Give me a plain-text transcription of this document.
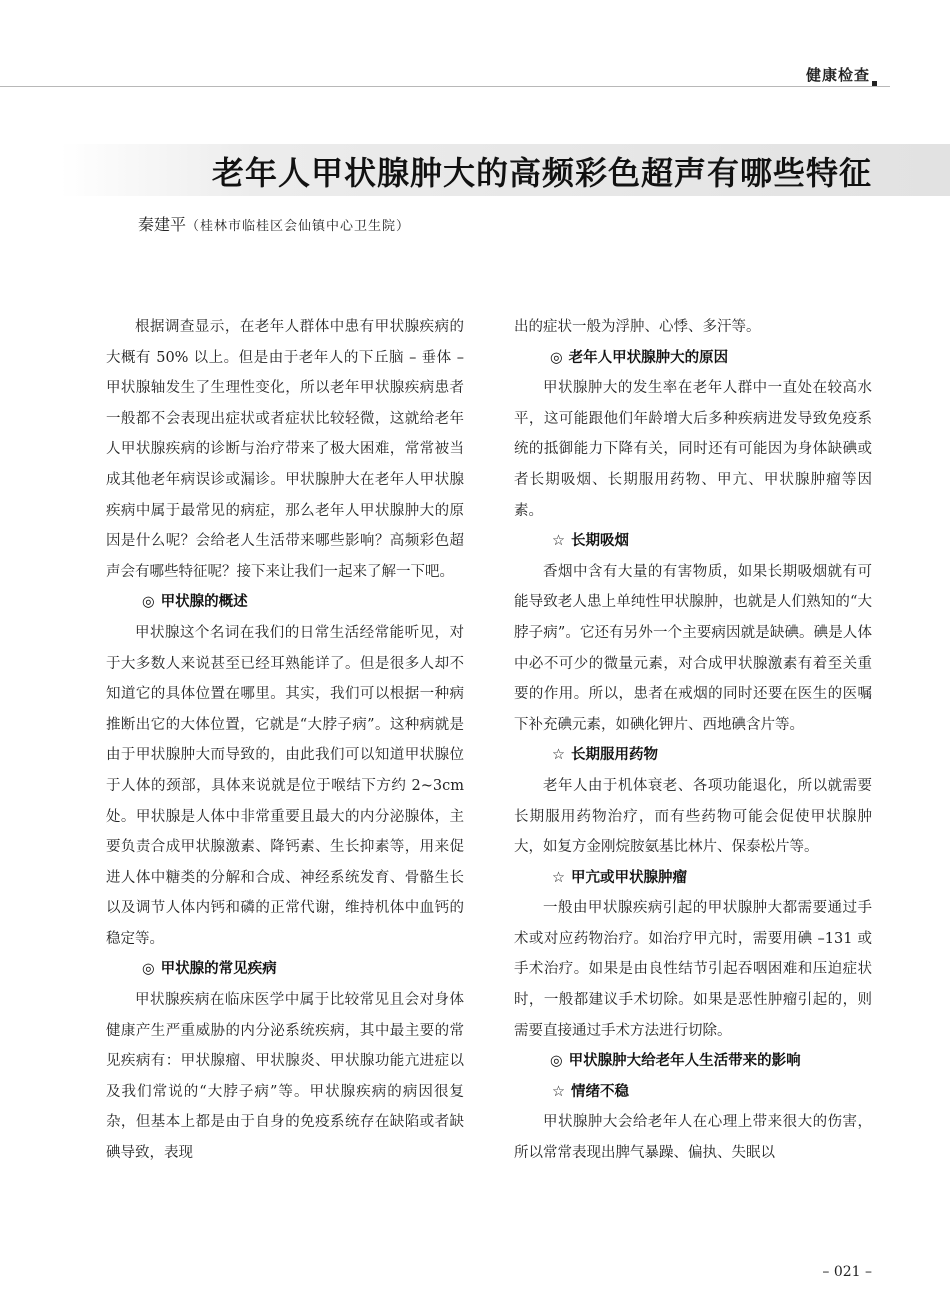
健康检查
老年人甲状腺肿大的高频彩色超声有哪些特征
秦建平（桂林市临桂区会仙镇中心卫生院）

根据调查显示，在老年人群体中患有甲状腺疾病的大概有 50% 以上。但是由于老年人的下丘脑 – 垂体 – 甲状腺轴发生了生理性变化，所以老年甲状腺疾病患者一般都不会表现出症状或者症状比较轻微，这就给老年人甲状腺疾病的诊断与治疗带来了极大困难，常常被当成其他老年病误诊或漏诊。甲状腺肿大在老年人甲状腺疾病中属于最常见的病症，那么老年人甲状腺肿大的原因是什么呢？会给老人生活带来哪些影响？高频彩色超声会有哪些特征呢？接下来让我们一起来了解一下吧。

◎ 甲状腺的概述

甲状腺这个名词在我们的日常生活经常能听见，对于大多数人来说甚至已经耳熟能详了。但是很多人却不知道它的具体位置在哪里。其实，我们可以根据一种病推断出它的大体位置，它就是“大脖子病”。这种病就是由于甲状腺肿大而导致的，由此我们可以知道甲状腺位于人体的颈部，具体来说就是位于喉结下方约 2~3cm 处。甲状腺是人体中非常重要且最大的内分泌腺体，主要负责合成甲状腺激素、降钙素、生长抑素等，用来促进人体中糖类的分解和合成、神经系统发育、骨骼生长以及调节人体内钙和磷的正常代谢，维持机体中血钙的稳定等。

◎ 甲状腺的常见疾病

甲状腺疾病在临床医学中属于比较常见且会对身体健康产生严重威胁的内分泌系统疾病，其中最主要的常见疾病有：甲状腺瘤、甲状腺炎、甲状腺功能亢进症以及我们常说的“大脖子病”等。甲状腺疾病的病因很复杂，但基本上都是由于自身的免疫系统存在缺陷或者缺碘导致，表现

出的症状一般为浮肿、心悸、多汗等。

◎ 老年人甲状腺肿大的原因

甲状腺肿大的发生率在老年人群中一直处在较高水平，这可能跟他们年龄增大后多种疾病进发导致免疫系统的抵御能力下降有关，同时还有可能因为身体缺碘或者长期吸烟、长期服用药物、甲亢、甲状腺肿瘤等因素。

☆ 长期吸烟

香烟中含有大量的有害物质，如果长期吸烟就有可能导致老人患上单纯性甲状腺肿，也就是人们熟知的“大脖子病”。它还有另外一个主要病因就是缺碘。碘是人体中必不可少的微量元素，对合成甲状腺激素有着至关重要的作用。所以，患者在戒烟的同时还要在医生的医嘱下补充碘元素，如碘化钾片、西地碘含片等。

☆ 长期服用药物

老年人由于机体衰老、各项功能退化，所以就需要长期服用药物治疗，而有些药物可能会促使甲状腺肿大，如复方金刚烷胺氨基比林片、保泰松片等。

☆ 甲亢或甲状腺肿瘤

一般由甲状腺疾病引起的甲状腺肿大都需要通过手术或对应药物治疗。如治疗甲亢时，需要用碘 –131 或手术治疗。如果是由良性结节引起吞咽困难和压迫症状时，一般都建议手术切除。如果是恶性肿瘤引起的，则需要直接通过手术方法进行切除。

◎ 甲状腺肿大给老年人生活带来的影响
☆ 情绪不稳

甲状腺肿大会给老年人在心理上带来很大的伤害，所以常常表现出脾气暴躁、偏执、失眠以

– 021 –
